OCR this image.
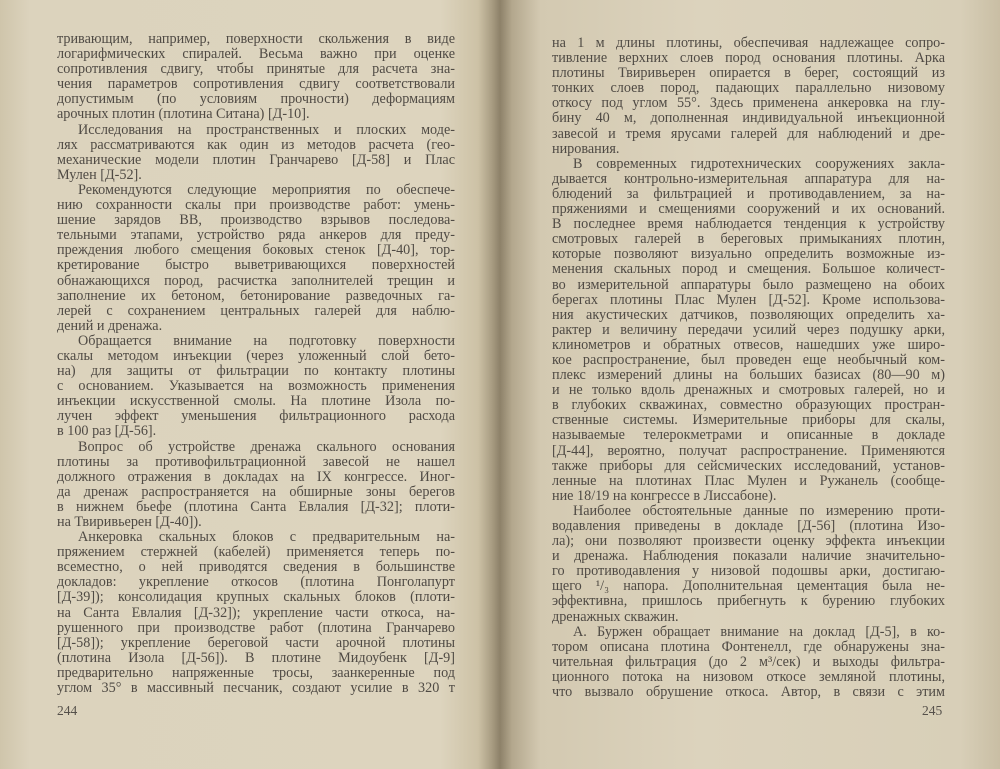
тривающим, например, поверхности скольжения в виде
логарифмических спиралей. Весьма важно при оценке
сопротивления сдвигу, чтобы принятые для расчета зна-
чения параметров сопротивления сдвигу соответствовали
допустимым (по условиям прочности) деформациям
арочных плотин (плотина Ситана) [Д-10].
Исследования на пространственных и плоских моде-
лях рассматриваются как один из методов расчета (гео-
механические модели плотин Гранчарево [Д-58] и Плас
Мулен [Д-52].
Рекомендуются следующие мероприятия по обеспече-
нию сохранности скалы при производстве работ: умень-
шение зарядов ВВ, производство взрывов последова-
тельными этапами, устройство ряда анкеров для преду-
преждения любого смещения боковых стенок [Д-40], тор-
кретирование быстро выветривающихся поверхностей
обнажающихся пород, расчистка заполнителей трещин и
заполнение их бетоном, бетонирование разведочных га-
лерей с сохранением центральных галерей для наблю-
дений и дренажа.
Обращается внимание на подготовку поверхности
скалы методом инъекции (через уложенный слой бето-
на) для защиты от фильтрации по контакту плотины
с основанием. Указывается на возможность применения
инъекции искусственной смолы. На плотине Изола по-
лучен эффект уменьшения фильтрационного расхода
в 100 раз [Д-56].
Вопрос об устройстве дренажа скального основания
плотины за противофильтрационной завесой не нашел
должного отражения в докладах на IX конгрессе. Иног-
да дренаж распространяется на обширные зоны берегов
в нижнем бьефе (плотина Санта Евлалия [Д-32]; плоти-
на Твиривьерен [Д-40]).
Анкеровка скальных блоков с предварительным на-
пряжением стержней (кабелей) применяется теперь по-
всеместно, о ней приводятся сведения в большинстве
докладов: укрепление откосов (плотина Понголапурт
[Д-39]); консолидация крупных скальных блоков (плоти-
на Санта Евлалия [Д-32]); укрепление части откоса, на-
рушенного при производстве работ (плотина Гранчарево
[Д-58]); укрепление береговой части арочной плотины
(плотина Изола [Д-56]). В плотине Мидоубенк [Д-9]
предварительно напряженные тросы, заанкеренные под
углом 35° в массивный песчаник, создают усилие в 320 т
на 1 м длины плотины, обеспечивая надлежащее сопро-
тивление верхних слоев пород основания плотины. Арка
плотины Твиривьерен опирается в берег, состоящий из
тонких слоев пород, падающих параллельно низовому
откосу под углом 55°. Здесь применена анкеровка на глу-
бину 40 м, дополненная индивидуальной инъекционной
завесой и тремя ярусами галерей для наблюдений и дре-
нирования.
В современных гидротехнических сооружениях закла-
дывается контрольно-измерительная аппаратура для на-
блюдений за фильтрацией и противодавлением, за на-
пряжениями и смещениями сооружений и их оснований.
В последнее время наблюдается тенденция к устройству
смотровых галерей в береговых примыканиях плотин,
которые позволяют визуально определить возможные из-
менения скальных пород и смещения. Большое количест-
во измерительной аппаратуры было размещено на обоих
берегах плотины Плас Мулен [Д-52]. Кроме использова-
ния акустических датчиков, позволяющих определить ха-
рактер и величину передачи усилий через подушку арки,
клинометров и обратных отвесов, нашедших уже широ-
кое распространение, был проведен еще необычный ком-
плекс измерений длины на больших базисах (80—90 м)
и не только вдоль дренажных и смотровых галерей, но и
в глубоких скважинах, совместно образующих простран-
ственные системы. Измерительные приборы для скалы,
называемые телерокметрами и описанные в докладе
[Д-44], вероятно, получат распространение. Применяются
также приборы для сейсмических исследований, установ-
ленные на плотинах Плас Мулен и Ружанель (сообще-
ние 18/19 на конгрессе в Лиссабоне).
Наиболее обстоятельные данные по измерению проти-
водавления приведены в докладе [Д-56] (плотина Изо-
ла); они позволяют произвести оценку эффекта инъекции
и дренажа. Наблюдения показали наличие значительно-
го противодавления у низовой подошвы арки, достигаю-
щего ¹/₃ напора. Дополнительная цементация была не-
эффективна, пришлось прибегнуть к бурению глубоких
дренажных скважин.
А. Буржен обращает внимание на доклад [Д-5], в ко-
тором описана плотина Фонтенелл, где обнаружены зна-
чительная фильтрация (до 2 м³/сек) и выходы фильтра-
ционного потока на низовом откосе земляной плотины,
что вызвало обрушение откоса. Автор, в связи с этим
244	245
